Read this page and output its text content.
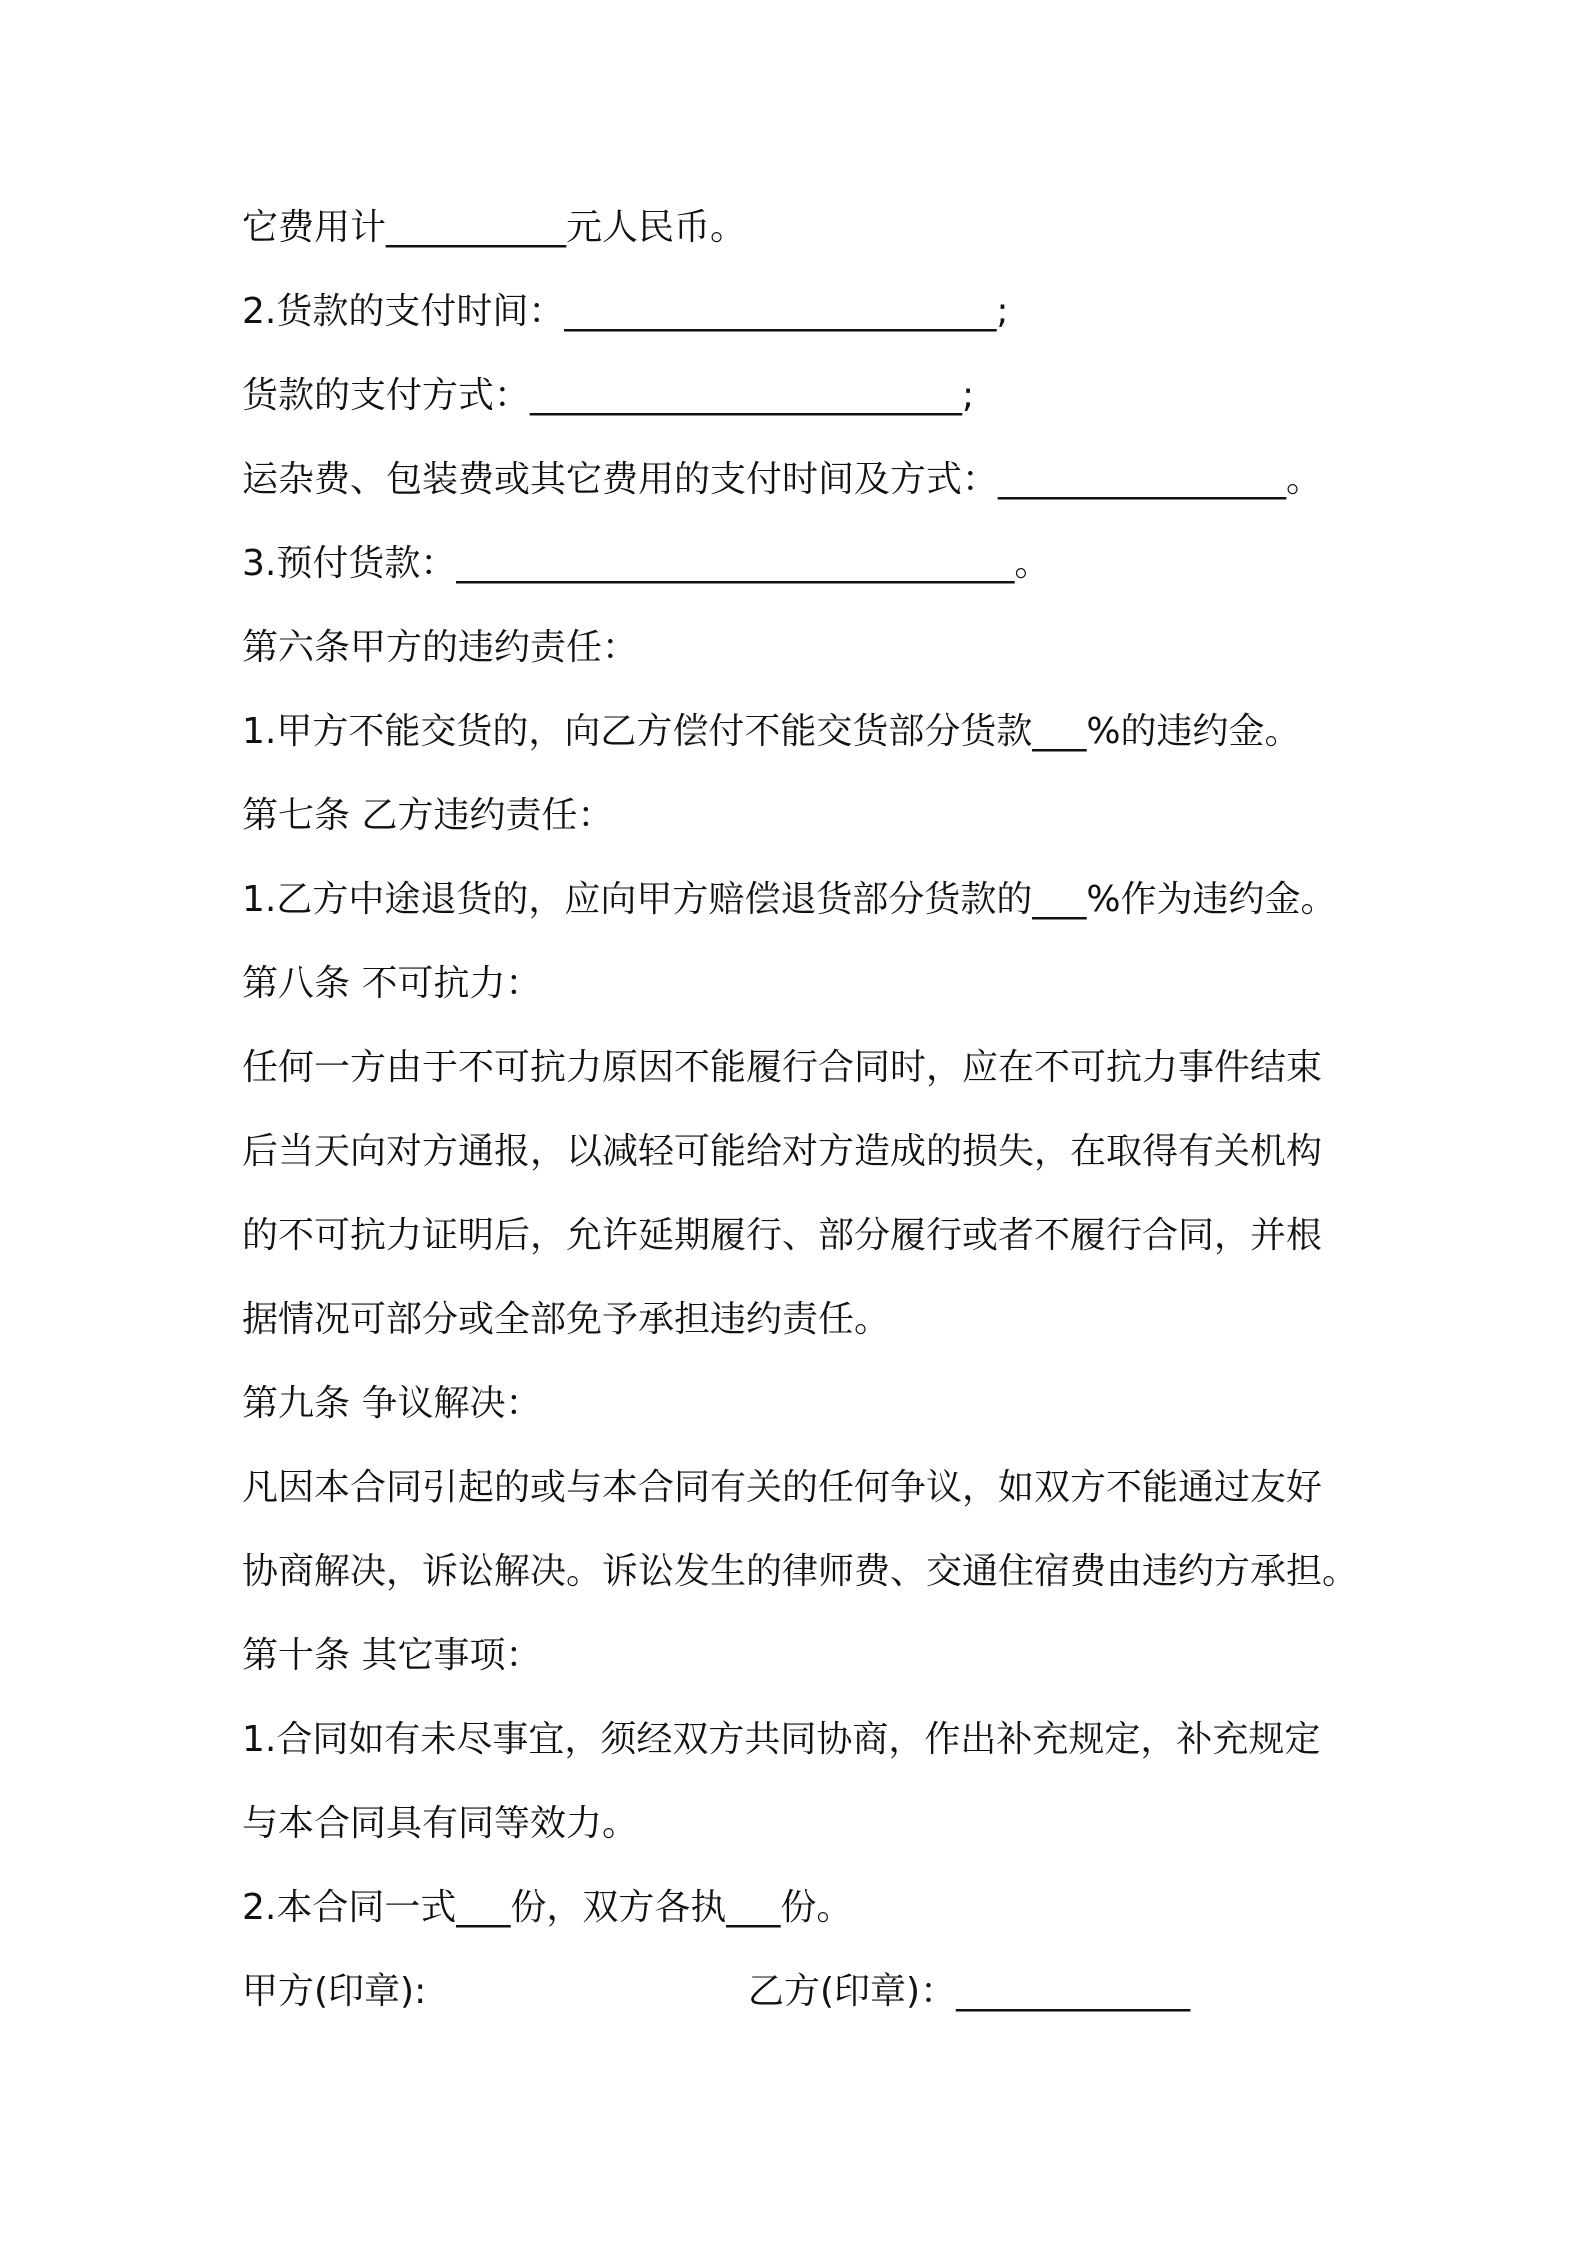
它费用计__________元人民币。
2.货款的支付时间：________________________;
货款的支付方式：________________________;
运杂费、包装费或其它费用的支付时间及方式：________________。
3.预付货款：_______________________________。
第六条甲方的违约责任：
1.甲方不能交货的，向乙方偿付不能交货部分货款___%的违约金。
第七条 乙方违约责任：
1.乙方中途退货的，应向甲方赔偿退货部分货款的___%作为违约金。
第八条 不可抗力：
任何一方由于不可抗力原因不能履行合同时，应在不可抗力事件结束
后当天向对方通报，以减轻可能给对方造成的损失，在取得有关机构
的不可抗力证明后，允许延期履行、部分履行或者不履行合同，并根
据情况可部分或全部免予承担违约责任。
第九条 争议解决：
凡因本合同引起的或与本合同有关的任何争议，如双方不能通过友好
协商解决，诉讼解决。诉讼发生的律师费、交通住宿费由违约方承担。
第十条 其它事项：
1.合同如有未尽事宜，须经双方共同协商，作出补充规定，补充规定
与本合同具有同等效力。
2.本合同一式___份，双方各执___份。
甲方(印章):	乙方(印章)：_____________
